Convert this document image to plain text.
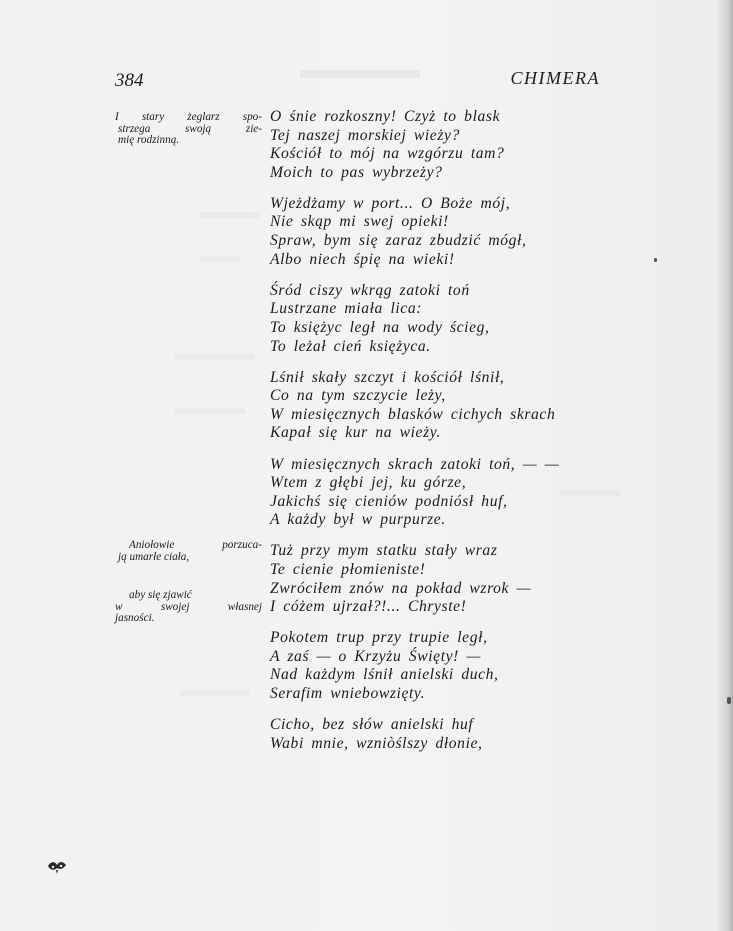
384	CHIMERA
I stary żeglarz spo-
strzega swoją zie-
mię rodzinną.
Aniołowie porzuca-
ją umarłe ciała,
aby się zjawić
w swojej własnej
jasności.
O śnie rozkoszny! Czyż to blask
Tej naszej morskiej wieży?
Kościół to mój na wzgórzu tam?
Moich to pas wybrzeży?
Wjeżdżamy w port... O Boże mój,
Nie skąp mi swej opieki!
Spraw, bym się zaraz zbudzić mógł,
Albo niech śpię na wieki!
Śród ciszy wkrąg zatoki toń
Lustrzane miała lica:
To księżyc legł na wody ścieg,
To leżał cień księżyca.
Lśnił skały szczyt i kościół lśnił,
Co na tym szczycie leży,
W miesięcznych blasków cichych skrach
Kapał się kur na wieży.
W miesięcznych skrach zatoki toń, — —
Wtem z głębi jej, ku górze,
Jakichś się cieniów podniósł huf,
A każdy był w purpurze.
Tuż przy mym statku stały wraz
Te cienie płomieniste!
Zwróciłem znów na pokład wzrok —
I cóżem ujrzał?!... Chryste!
Pokotem trup przy trupie legł,
A zaś — o Krzyżu Święty! —
Nad każdym lśnił anielski duch,
Serafim wniebowzięty.
Cicho, bez słów anielski huf
Wabi mnie, wzniòślszy dłonie,
